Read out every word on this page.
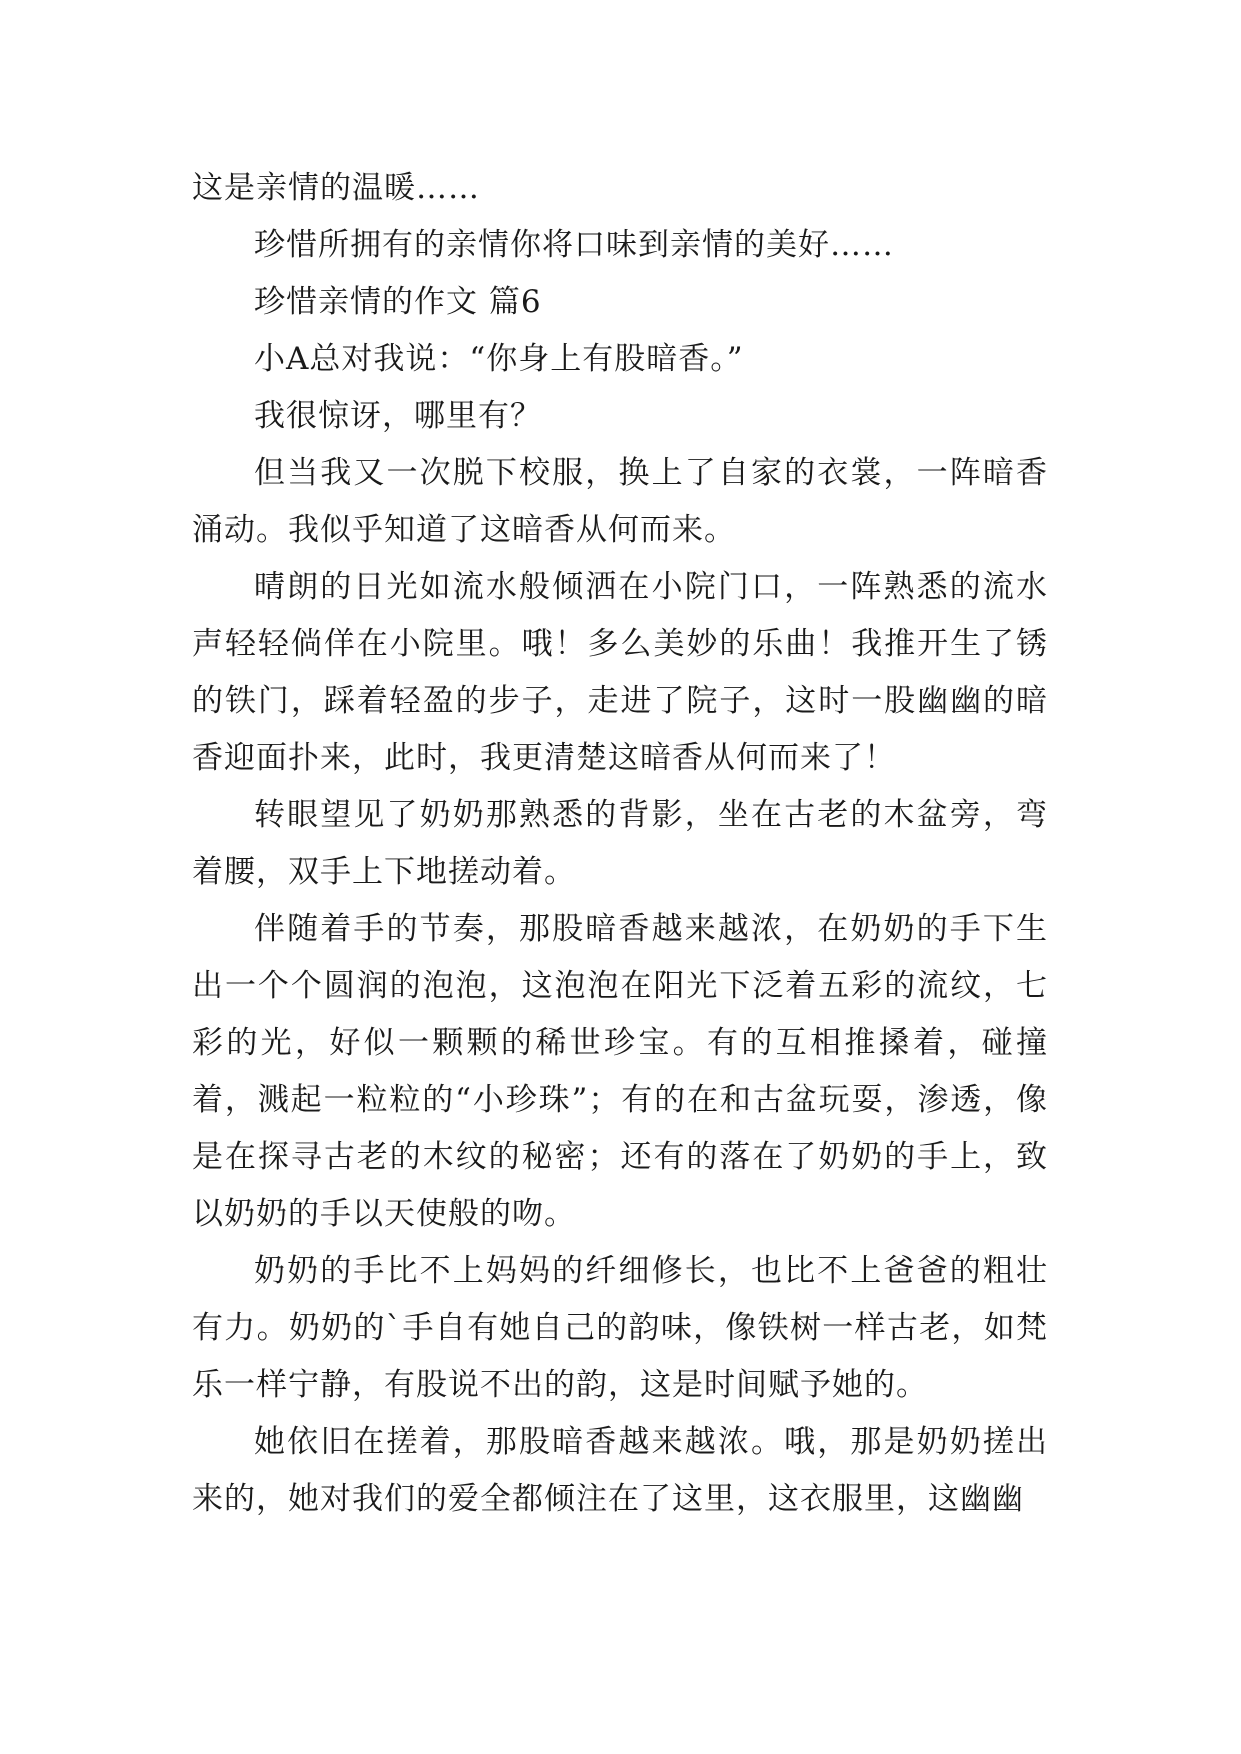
这是亲情的温暖……

珍惜所拥有的亲情你将口味到亲情的美好……

珍惜亲情的作文 篇6

小A总对我说：“你身上有股暗香。”

我很惊讶，哪里有？

但当我又一次脱下校服，换上了自家的衣裳，一阵暗香涌动。我似乎知道了这暗香从何而来。

晴朗的日光如流水般倾洒在小院门口，一阵熟悉的流水声轻轻倘佯在小院里。哦！多么美妙的乐曲！我推开生了锈的铁门，踩着轻盈的步子，走进了院子，这时一股幽幽的暗香迎面扑来，此时，我更清楚这暗香从何而来了！

转眼望见了奶奶那熟悉的背影，坐在古老的木盆旁，弯着腰，双手上下地搓动着。

伴随着手的节奏，那股暗香越来越浓，在奶奶的手下生出一个个圆润的泡泡，这泡泡在阳光下泛着五彩的流纹，七彩的光，好似一颗颗的稀世珍宝。有的互相推搡着，碰撞着，溅起一粒粒的“小珍珠”；有的在和古盆玩耍，渗透，像是在探寻古老的木纹的秘密；还有的落在了奶奶的手上，致以奶奶的手以天使般的吻。

奶奶的手比不上妈妈的纤细修长，也比不上爸爸的粗壮有力。奶奶的`手自有她自己的韵味，像铁树一样古老，如梵乐一样宁静，有股说不出的韵，这是时间赋予她的。

她依旧在搓着，那股暗香越来越浓。哦，那是奶奶搓出来的，她对我们的爱全都倾注在了这里，这衣服里，这幽幽
